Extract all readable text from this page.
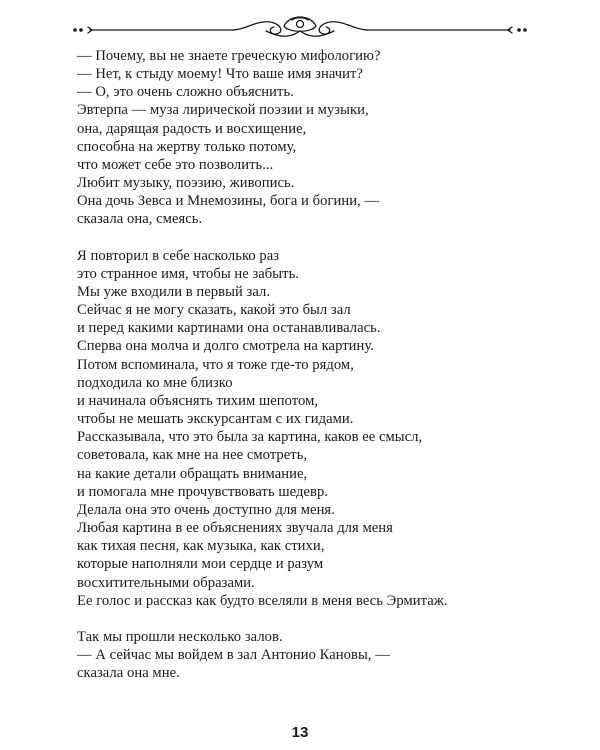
— Почему, вы не знаете греческую мифологию?
— Нет, к стыду моему! Что ваше имя значит?
— О, это очень сложно объяснить.
Эвтерпа — муза лирической поэзии и музыки,
она, дарящая радость и восхищение,
способна на жертву только потому,
что может себе это позволить...
Любит музыку, поэзию, живопись.
Она дочь Зевса и Мнемозины, бога и богини, —
сказала она, смеясь.
Я повторил в себе насколько раз
это странное имя, чтобы не забыть.
Мы уже входили в первый зал.
Сейчас я не могу сказать, какой это был зал
и перед какими картинами она останавливалась.
Сперва она молча и долго смотрела на картину.
Потом вспоминала, что я тоже где-то рядом,
подходила ко мне близко
и начинала объяснять тихим шепотом,
чтобы не мешать экскурсантам с их гидами.
Рассказывала, что это была за картина, каков ее смысл,
советовала, как мне на нее смотреть,
на какие детали обращать внимание,
и помогала мне прочувствовать шедевр.
Делала она это очень доступно для меня.
Любая картина в ее объяснениях звучала для меня
как тихая песня, как музыка, как стихи,
которые наполняли мои сердце и разум
восхитительными образами.
Ее голос и рассказ как будто вселяли в меня весь Эрмитаж.
Так мы прошли несколько залов.
— А сейчас мы войдем в зал Антонио Кановы, —
сказала она мне.
13
